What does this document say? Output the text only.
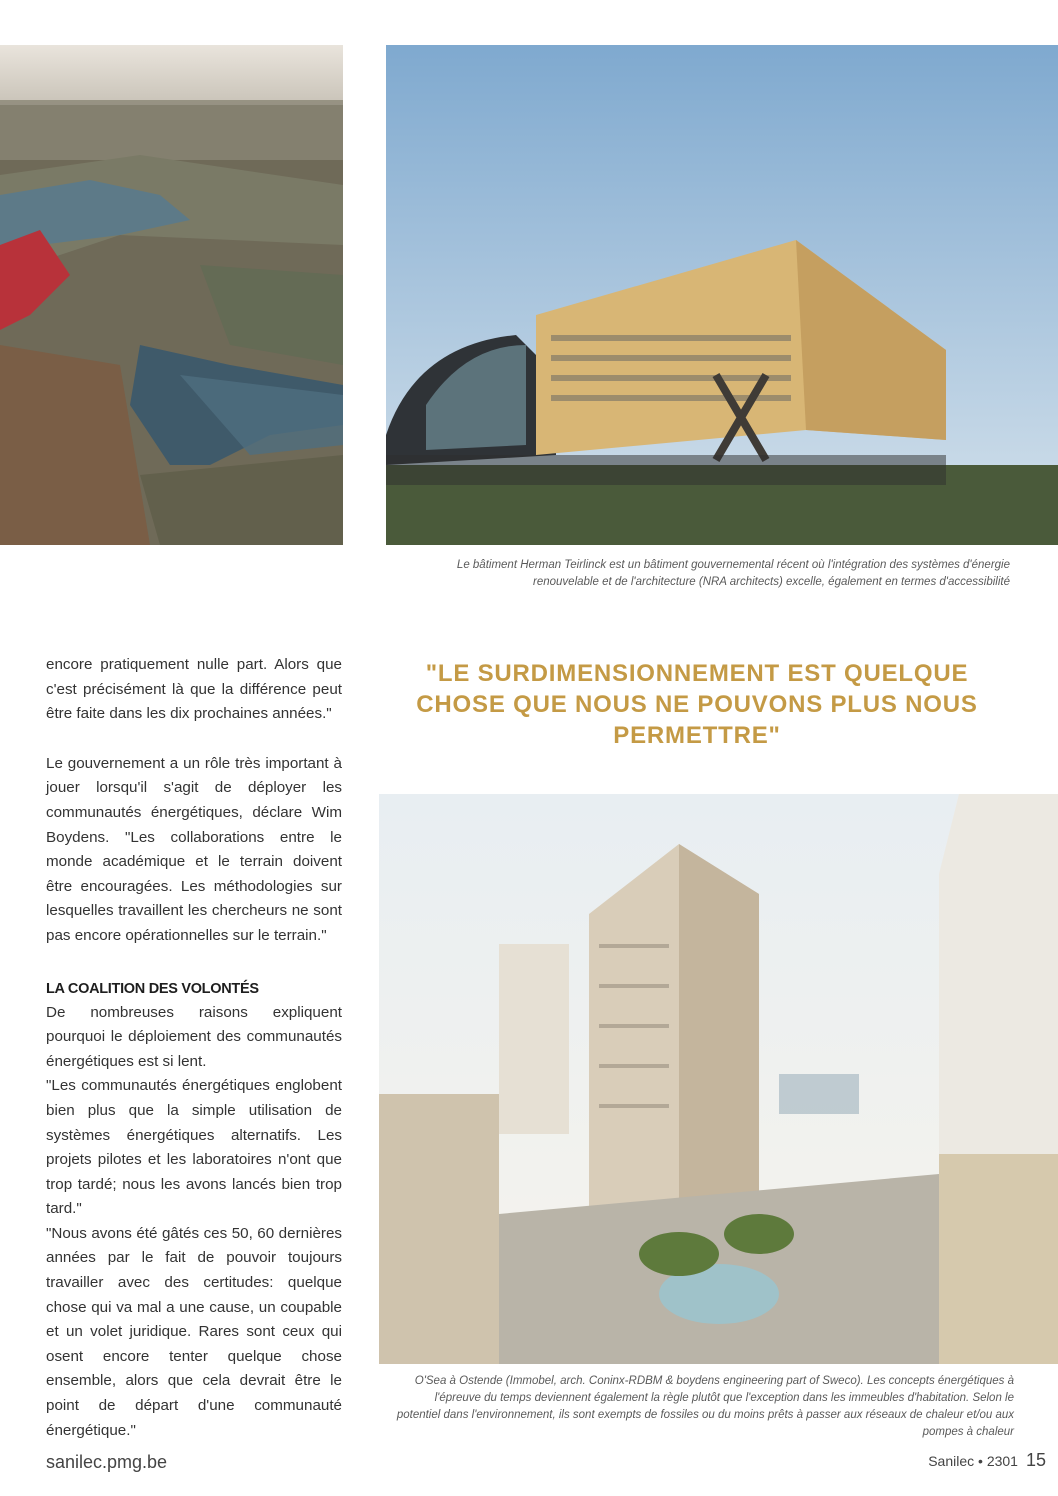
Le bâtiment Herman Teirlinck est un bâtiment gouvernemental récent où l'intégration des systèmes d'énergie renouvelable et de l'architecture (NRA architects) excelle, également en termes d'accessibilité

encore pratiquement nulle part. Alors que c'est précisément là que la différence peut être faite dans les dix prochaines années."

Le gouvernement a un rôle très important à jouer lorsqu'il s'agit de déployer les communautés énergétiques, déclare Wim Boydens. "Les collaborations entre le monde académique et le terrain doivent être encouragées. Les méthodologies sur lesquelles travaillent les chercheurs ne sont pas encore opérationnelles sur le terrain."

LA COALITION DES VOLONTÉS

De nombreuses raisons expliquent pourquoi le déploiement des communautés énergétiques est si lent.

"Les communautés énergétiques englobent bien plus que la simple utilisation de systèmes énergétiques alternatifs. Les projets pilotes et les laboratoires n'ont que trop tardé; nous les avons lancés bien trop tard."

"Nous avons été gâtés ces 50, 60 dernières années par le fait de pouvoir toujours travailler avec des certitudes: quelque chose qui va mal a une cause, un coupable et un volet juridique. Rares sont ceux qui osent encore tenter quelque chose ensemble, alors que cela devrait être le point de départ d'une communauté énergétique."

"LE SURDIMENSIONNEMENT EST QUELQUE CHOSE QUE NOUS NE POUVONS PLUS NOUS PERMETTRE"
O'Sea à Ostende (Immobel, arch. Coninx-RDBM & boydens engineering part of Sweco). Les concepts énergétiques à l'épreuve du temps deviennent également la règle plutôt que l'exception dans les immeubles d'habitation. Selon le potentiel dans l'environnement, ils sont exempts de fossiles ou du moins prêts à passer aux réseaux de chaleur et/ou aux pompes à chaleur
sanilec.pmg.be	Sanilec • 2301 15
